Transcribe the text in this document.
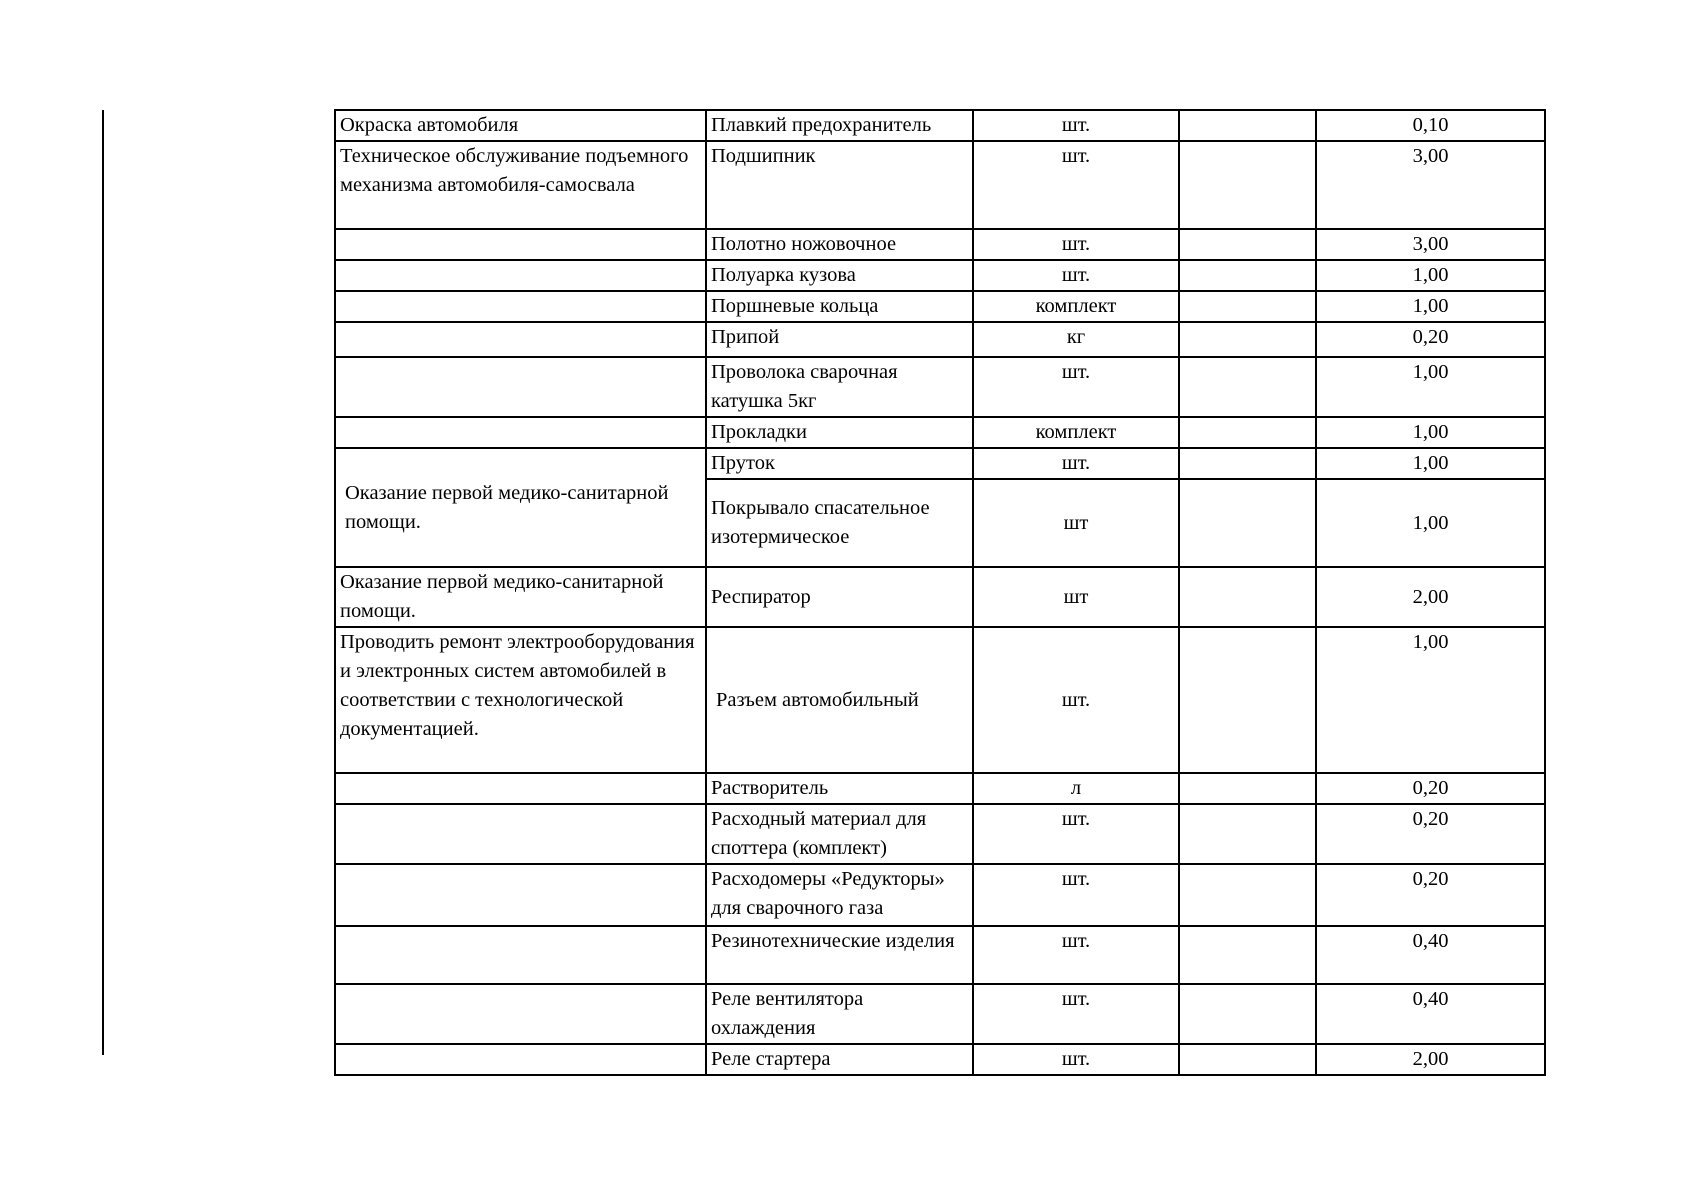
Окраска автомобиля	Плавкий предохранитель	шт.		0,10
Техническое обслуживание подъемного механизма автомобиля-самосвала	Подшипник	шт.		3,00
	Полотно ножовочное	шт.		3,00
	Полуарка кузова	шт.		1,00
	Поршневые кольца	комплект		1,00
	Припой	кг		0,20
	Проволока сварочная катушка 5кг	шт.		1,00
	Прокладки	комплект		1,00
Оказание первой медико-санитарной помощи.	Пруток	шт.		1,00
	Покрывало спасательное изотермическое	шт		1,00
Оказание первой медико-санитарной помощи.	Респиратор	шт		2,00
Проводить ремонт электрооборудования и электронных систем автомобилей в соответствии с технологической документацией.	Разъем автомобильный	шт.		1,00
	Растворитель	л		0,20
	Расходный материал для споттера (комплект)	шт.		0,20
	Расходомеры «Редукторы» для сварочного газа	шт.		0,20
	Резинотехнические изделия	шт.		0,40
	Реле вентилятора охлаждения	шт.		0,40
	Реле стартера	шт.		2,00
